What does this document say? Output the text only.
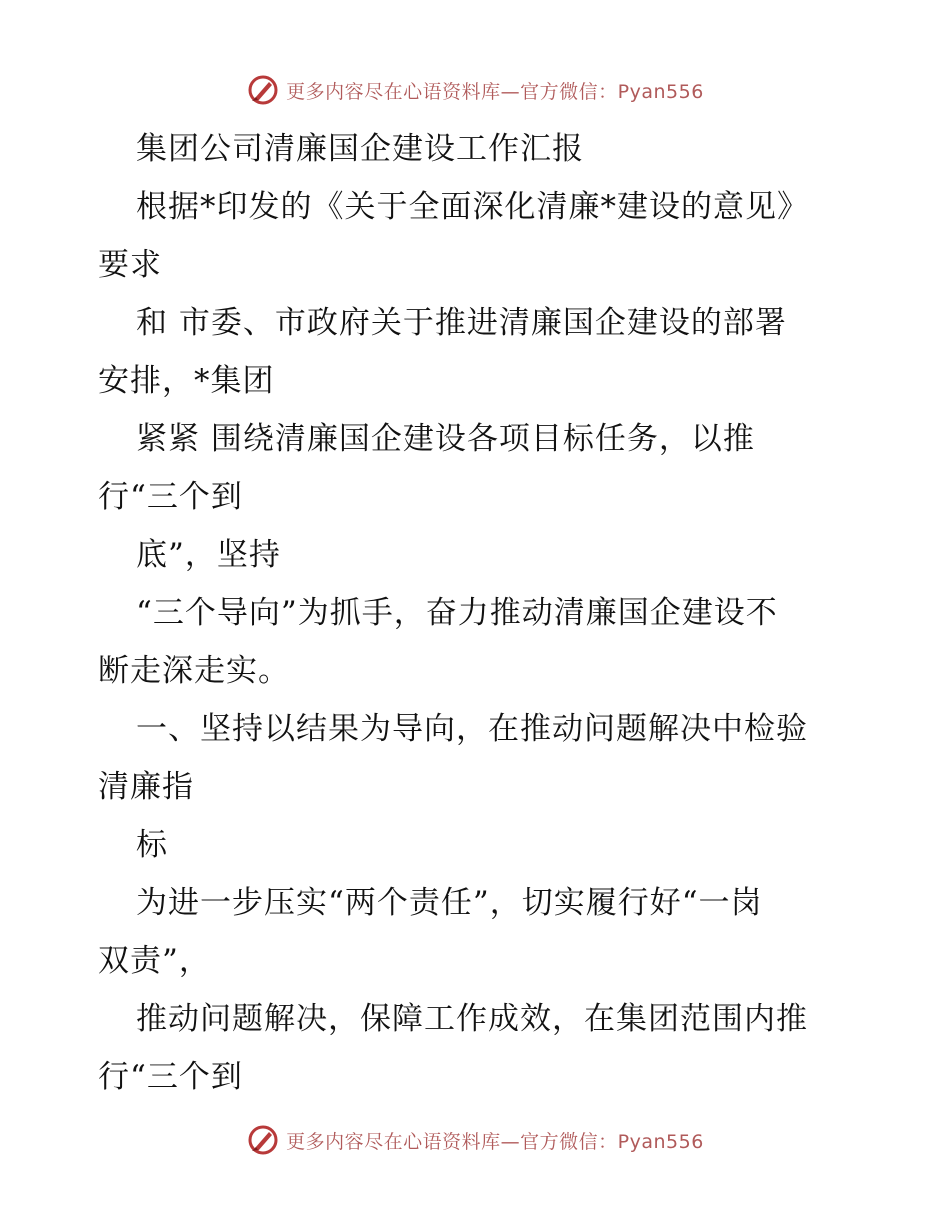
更多内容尽在心语资料库—官方微信：Pyan556
集团公司清廉国企建设工作汇报
根据*印发的《关于全面深化清廉*建设的意见》
要求
和 市委、市政府关于推进清廉国企建设的部署
安排，*集团
紧紧 围绕清廉国企建设各项目标任务，以推
行“三个到
底”，坚持
“三个导向”为抓手，奋力推动清廉国企建设不
断走深走实。
一、坚持以结果为导向，在推动问题解决中检验
清廉指
标
为进一步压实“两个责任”，切实履行好“一岗
双责”，
推动问题解决，保障工作成效，在集团范围内推
行“三个到
更多内容尽在心语资料库—官方微信：Pyan556
